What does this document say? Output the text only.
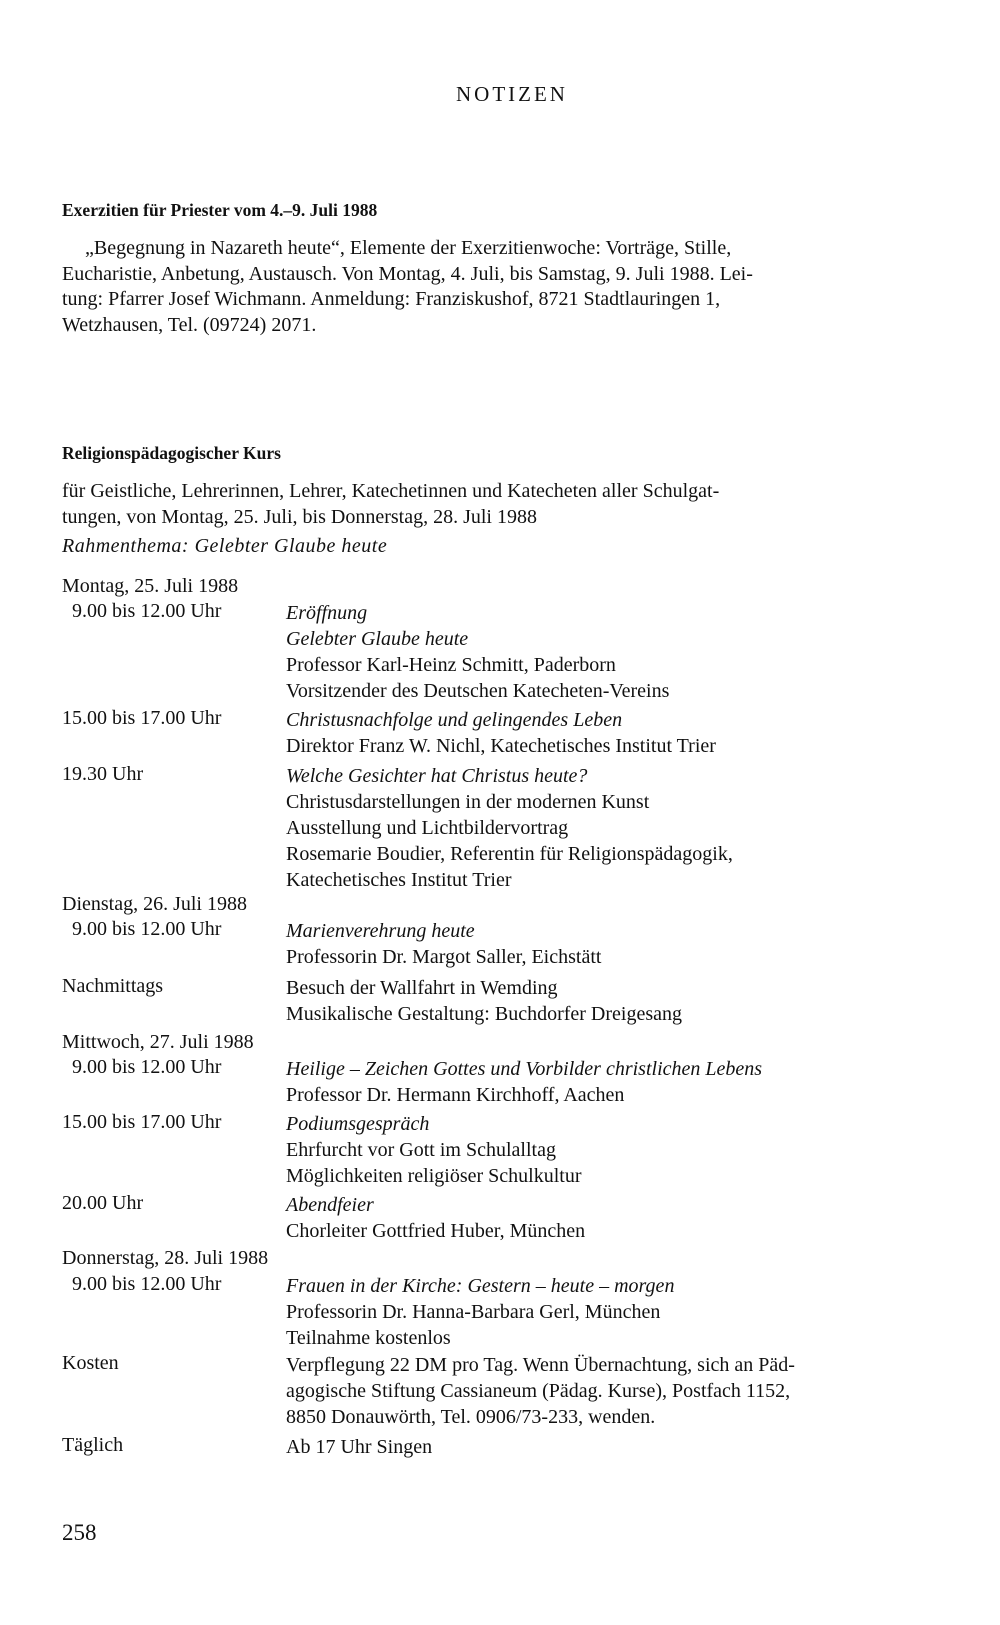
NOTIZEN
Exerzitien für Priester vom 4.–9. Juli 1988
„Begegnung in Nazareth heute“, Elemente der Exerzitienwoche: Vorträge, Stille,
Eucharistie, Anbetung, Austausch. Von Montag, 4. Juli, bis Samstag, 9. Juli 1988. Lei-
tung: Pfarrer Josef Wichmann. Anmeldung: Franziskushof, 8721 Stadtlauringen 1,
Wetzhausen, Tel. (09724) 2071.
Religionspädagogischer Kurs
für Geistliche, Lehrerinnen, Lehrer, Katechetinnen und Katecheten aller Schulgat-
tungen, von Montag, 25. Juli, bis Donnerstag, 28. Juli 1988
Rahmenthema: Gelebter Glaube heute
Montag, 25. Juli 1988
9.00 bis 12.00 Uhr	Eröffnung
Gelebter Glaube heute
Professor Karl-Heinz Schmitt, Paderborn
Vorsitzender des Deutschen Katecheten-Vereins
15.00 bis 17.00 Uhr	Christusnachfolge und gelingendes Leben
Direktor Franz W. Nichl, Katechetisches Institut Trier
19.30 Uhr	Welche Gesichter hat Christus heute?
Christusdarstellungen in der modernen Kunst
Ausstellung und Lichtbildervortrag
Rosemarie Boudier, Referentin für Religionspädagogik,
Katechetisches Institut Trier
Dienstag, 26. Juli 1988
9.00 bis 12.00 Uhr	Marienverehrung heute
Professorin Dr. Margot Saller, Eichstätt
Nachmittags	Besuch der Wallfahrt in Wemding
Musikalische Gestaltung: Buchdorfer Dreigesang
Mittwoch, 27. Juli 1988
9.00 bis 12.00 Uhr	Heilige – Zeichen Gottes und Vorbilder christlichen Lebens
Professor Dr. Hermann Kirchhoff, Aachen
15.00 bis 17.00 Uhr	Podiumsgespräch
Ehrfurcht vor Gott im Schulalltag
Möglichkeiten religiöser Schulkultur
20.00 Uhr	Abendfeier
Chorleiter Gottfried Huber, München
Donnerstag, 28. Juli 1988
9.00 bis 12.00 Uhr	Frauen in der Kirche: Gestern – heute – morgen
Professorin Dr. Hanna-Barbara Gerl, München
Teilnahme kostenlos
Kosten	Verpflegung 22 DM pro Tag. Wenn Übernachtung, sich an Päd-
agogische Stiftung Cassianeum (Pädag. Kurse), Postfach 1152,
8850 Donauwörth, Tel. 0906/73-233, wenden.
Täglich	Ab 17 Uhr Singen
258
